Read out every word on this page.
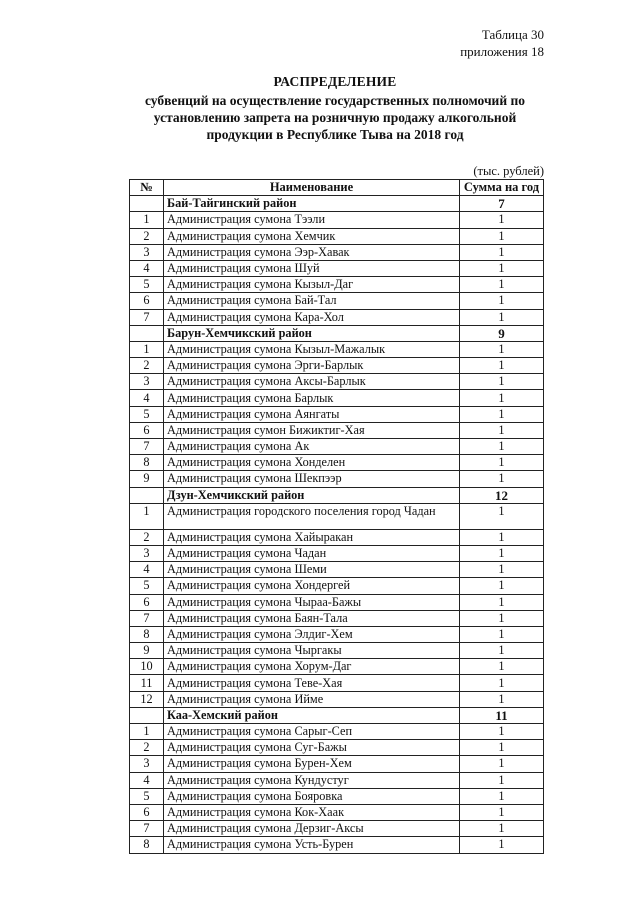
Таблица 30
приложения 18
РАСПРЕДЕЛЕНИЕ
субвенций на осуществление государственных полномочий по
установлению запрета на розничную продажу алкогольной
продукции в Республике Тыва на 2018 год
(тыс. рублей)
№	Наименование	Сумма на год
	Бай-Тайгинский район	7
1	Администрация сумона Тээли	1
2	Администрация сумона Хемчик	1
3	Администрация сумона Ээр-Хавак	1
4	Администрация сумона Шуй	1
5	Администрация сумона Кызыл-Даг	1
6	Администрация сумона Бай-Тал	1
7	Администрация сумона Кара-Хол	1
	Барун-Хемчикский район	9
1	Администрация сумона Кызыл-Мажалык	1
2	Администрация сумона Эрги-Барлык	1
3	Администрация сумона Аксы-Барлык	1
4	Администрация сумона Барлык	1
5	Администрация сумона Аянгаты	1
6	Администрация сумон Бижиктиг-Хая	1
7	Администрация сумона Ак	1
8	Администрация сумона Хонделен	1
9	Администрация сумона Шекпээр	1
	Дзун-Хемчикский район	12
1	Администрация городского поселения город Чадан	1
2	Администрация сумона Хайыракан	1
3	Администрация сумона Чадан	1
4	Администрация сумона Шеми	1
5	Администрация сумона Хондергей	1
6	Администрация сумона Чыраа-Бажы	1
7	Администрация сумона Баян-Тала	1
8	Администрация сумона Элдиг-Хем	1
9	Администрация сумона Чыргакы	1
10	Администрация сумона Хорум-Даг	1
11	Администрация сумона Теве-Хая	1
12	Администрация сумона Ийме	1
	Каа-Хемский район	11
1	Администрация сумона Сарыг-Сеп	1
2	Администрация сумона Суг-Бажы	1
3	Администрация сумона Бурен-Хем	1
4	Администрация сумона Кундустуг	1
5	Администрация сумона Бояровка	1
6	Администрация сумона Кок-Хаак	1
7	Администрация сумона Дерзиг-Аксы	1
8	Администрация сумона Усть-Бурен	1
